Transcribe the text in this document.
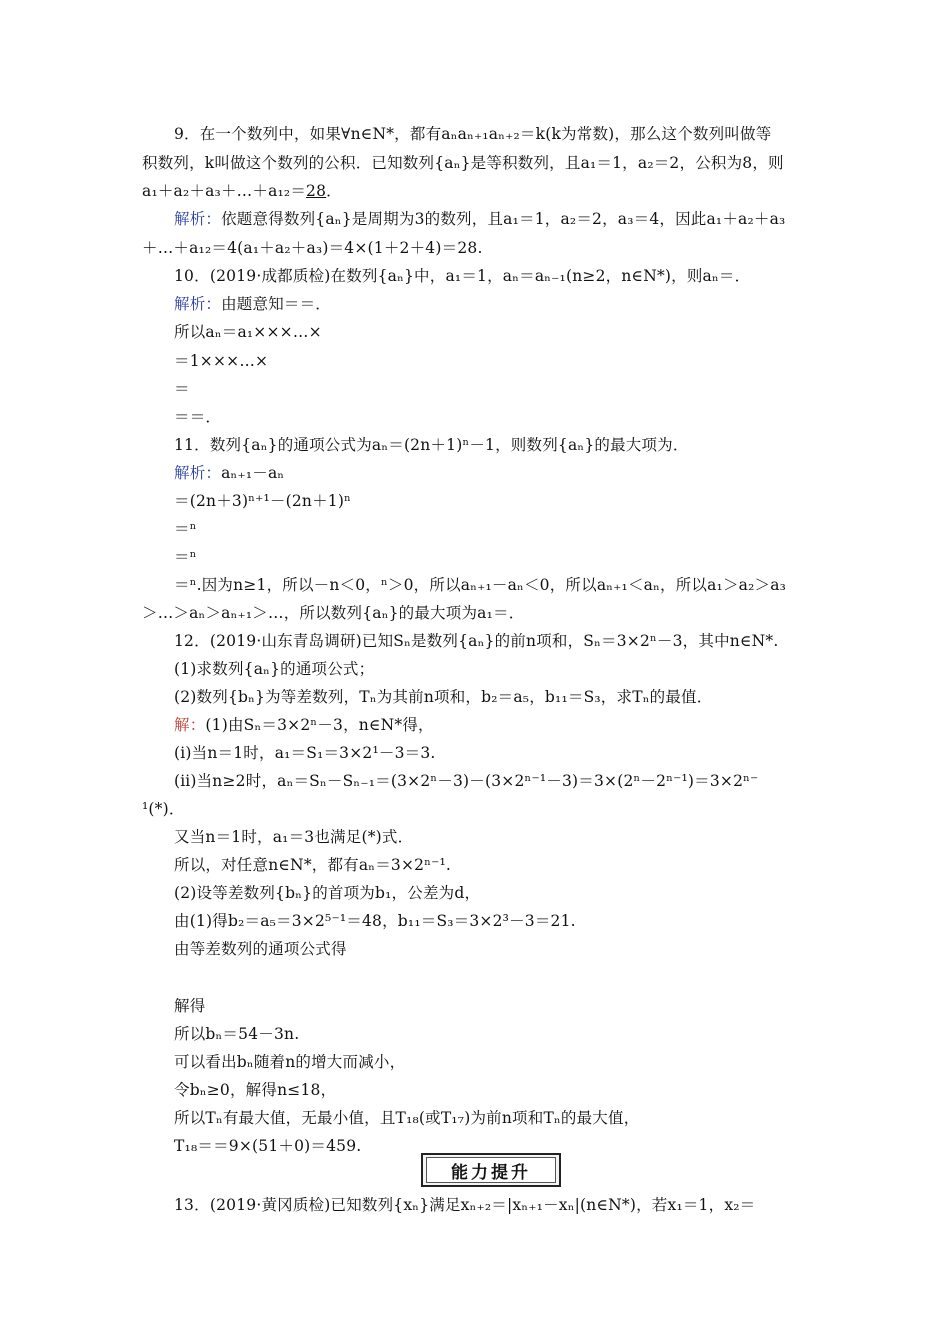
9．在一个数列中，如果∀n∈N*，都有aₙaₙ₊₁aₙ₊₂＝k(k为常数)，那么这个数列叫做等
积数列，k叫做这个数列的公积．已知数列{aₙ}是等积数列，且a₁＝1，a₂＝2，公积为8，则
a₁＋a₂＋a₃＋…＋a₁₂＝28．
解析：依题意得数列{aₙ}是周期为3的数列，且a₁＝1，a₂＝2，a₃＝4，因此a₁＋a₂＋a₃
＋…＋a₁₂＝4(a₁＋a₂＋a₃)＝4×(1＋2＋4)＝28.
10．(2019·成都质检)在数列{aₙ}中，a₁＝1，aₙ＝aₙ₋₁(n≥2，n∈N*)，则aₙ＝．
解析：由题意知＝＝．
所以aₙ＝a₁×××…×
＝1×××…×
＝
＝＝．
11．数列{aₙ}的通项公式为aₙ＝(2n＋1)ⁿ－1，则数列{aₙ}的最大项为．
解析：aₙ₊₁－aₙ
＝(2n＋3)ⁿ⁺¹－(2n＋1)ⁿ
＝ⁿ
＝ⁿ
＝ⁿ.因为n≥1，所以－n＜0，ⁿ＞0，所以aₙ₊₁－aₙ＜0，所以aₙ₊₁＜aₙ，所以a₁＞a₂＞a₃
＞…＞aₙ＞aₙ₊₁＞…，所以数列{aₙ}的最大项为a₁＝．
12．(2019·山东青岛调研)已知Sₙ是数列{aₙ}的前n项和，Sₙ＝3×2ⁿ－3，其中n∈N*.
(1)求数列{aₙ}的通项公式；
(2)数列{bₙ}为等差数列，Tₙ为其前n项和，b₂＝a₅，b₁₁＝S₃，求Tₙ的最值．
解：(1)由Sₙ＝3×2ⁿ－3，n∈N*得，
(ⅰ)当n＝1时，a₁＝S₁＝3×2¹－3＝3.
(ⅱ)当n≥2时，aₙ＝Sₙ－Sₙ₋₁＝(3×2ⁿ－3)－(3×2ⁿ⁻¹－3)＝3×(2ⁿ－2ⁿ⁻¹)＝3×2ⁿ⁻
¹(*)．
又当n＝1时，a₁＝3也满足(*)式．
所以，对任意n∈N*，都有aₙ＝3×2ⁿ⁻¹.
(2)设等差数列{bₙ}的首项为b₁，公差为d，
由(1)得b₂＝a₅＝3×2⁵⁻¹＝48，b₁₁＝S₃＝3×2³－3＝21.
由等差数列的通项公式得
解得
所以bₙ＝54－3n.
可以看出bₙ随着n的增大而减小，
令bₙ≥0，解得n≤18，
所以Tₙ有最大值，无最小值，且T₁₈(或T₁₇)为前n项和Tₙ的最大值，
T₁₈＝＝9×(51＋0)＝459.
能力提升
13．(2019·黄冈质检)已知数列{xₙ}满足xₙ₊₂＝|xₙ₊₁－xₙ|(n∈N*)，若x₁＝1，x₂＝
